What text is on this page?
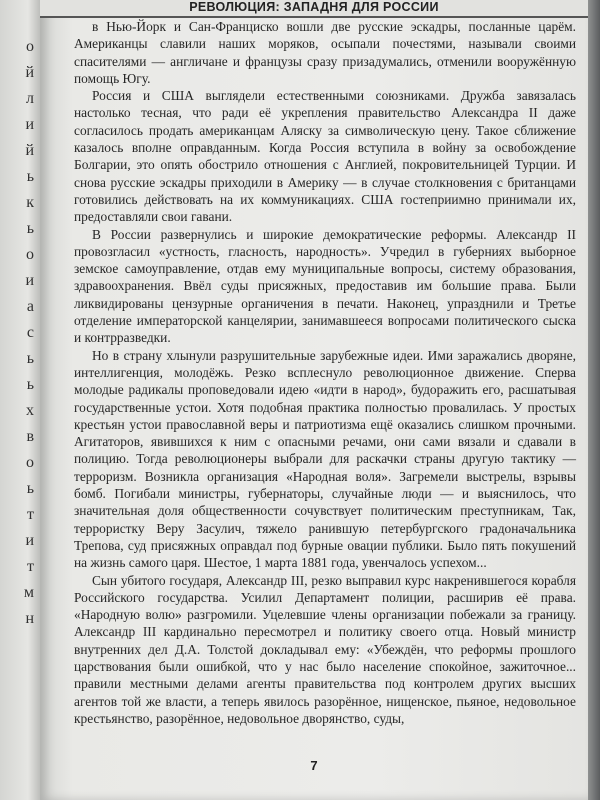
о
й
л
и
й
ь
к
ь
о
и
а
с
ь
ь
х
в
о
ь
т
и
т
м
н
РЕВОЛЮЦИЯ: ЗАПАДНЯ ДЛЯ РОССИИ

в Нью-Йорк и Сан-Франциско вошли две русские эскадры, посланные царём. Американцы славили наших моряков, осыпали почестями, называли своими спасителями — англичане и французы сразу призадумались, отменили вооружённую помощь Югу.

Россия и США выглядели естественными союзниками. Дружба завязалась настолько тесная, что ради её укрепления правительство Александра II даже согласилось продать американцам Аляску за символическую цену. Такое сближение казалось вполне оправданным. Когда Россия вступила в войну за освобождение Болгарии, это опять обострило отношения с Англией, покровительницей Турции. И снова русские эскадры приходили в Америку — в случае столкновения с британцами готовились действовать на их коммуникациях. США гостеприимно принимали их, предоставляли свои гавани.

В России развернулись и широкие демократические реформы. Александр II провозгласил «устность, гласность, народность». Учредил в губерниях выборное земское самоуправление, отдав ему муниципальные вопросы, систему образования, здравоохранения. Ввёл суды присяжных, предоставив им большие права. Были ликвидированы цензурные органичения в печати. Наконец, упразднили и Третье отделение императорской канцелярии, занимавшееся вопросами политического сыска и контрразведки.

Но в страну хлынули разрушительные зарубежные идеи. Ими заражались дворяне, интеллигенция, молодёжь. Резко всплеснуло революционное движение. Сперва молодые радикалы проповедовали идею «идти в народ», будоражить его, расшатывая государственные устои. Хотя подобная практика полностью провалилась. У простых крестьян устои православной веры и патриотизма ещё оказались слишком прочными. Агитаторов, явившихся к ним с опасными речами, они сами вязали и сдавали в полицию. Тогда революционеры выбрали для раскачки страны другую тактику — терроризм. Возникла организация «Народная воля». Загремели выстрелы, взрывы бомб. Погибали министры, губернаторы, случайные люди — и выяснилось, что значительная доля общественности сочувствует политическим преступникам, Так, террористку Веру Засулич, тяжело ранившую петербургского градоначальника Трепова, суд присяжных оправдал под бурные овации публики. Было пять покушений на жизнь самого царя. Шестое, 1 марта 1881 года, увенчалось успехом...

Сын убитого государя, Александр III, резко выправил курс накренившегося корабля Российского государства. Усилил Департамент полиции, расширив её права. «Народную волю» разгромили. Уцелевшие члены организации побежали за границу. Александр III кардинально пересмотрел и политику своего отца. Новый министр внутренних дел Д.А. Толстой докладывал ему: «Убеждён, что реформы прошлого царствования были ошибкой, что у нас было население спокойное, зажиточное... правили местными делами агенты правительства под контролем других высших агентов той же власти, а теперь явилось разорённое, нищенское, пьяное, недовольное крестьянство, разорённое, недовольное дворянство, суды,

7
